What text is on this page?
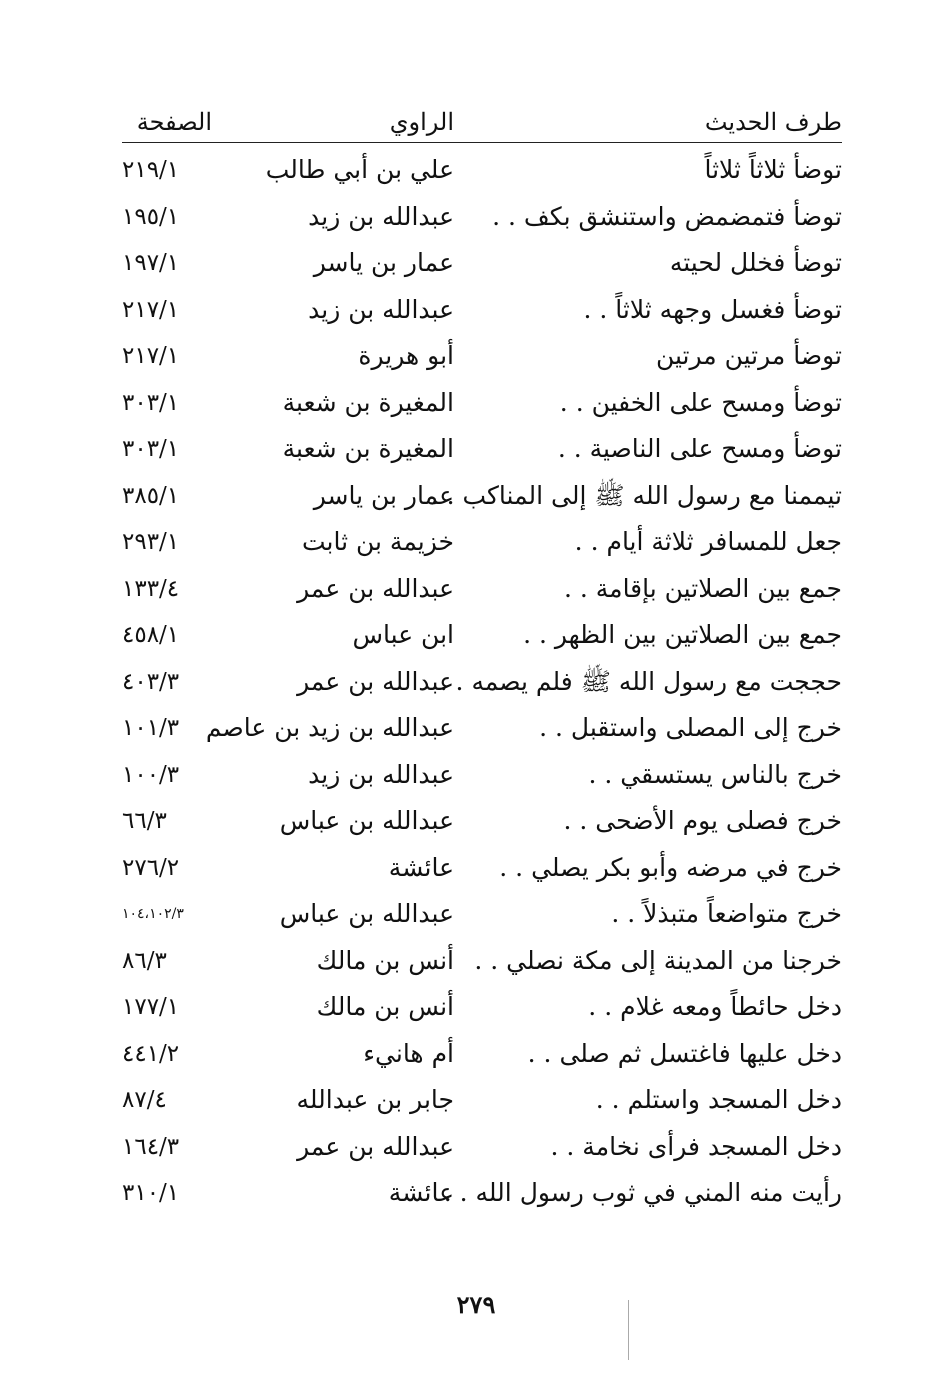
طرف الحديث
الراوي
الصفحة
توضأ ثلاثاً ثلاثاً
علي بن أبي طالب
٢١٩/١
توضأ فتمضمض واستنشق بكف . .
عبدالله بن زيد
١٩٥/١
توضأ فخلل لحيته
عمار بن ياسر
١٩٧/١
توضأ فغسل وجهه ثلاثاً . .
عبدالله بن زيد
٢١٧/١
توضأ مرتين مرتين
أبو هريرة
٢١٧/١
توضأ ومسح على الخفين . .
المغيرة بن شعبة
٣٠٣/١
توضأ ومسح على الناصية . .
المغيرة بن شعبة
٣٠٣/١
تيممنا مع رسول الله ﷺ إلى المناكب . .
عمار بن ياسر
٣٨٥/١
جعل للمسافر ثلاثة أيام . .
خزيمة بن ثابت
٢٩٣/١
جمع بين الصلاتين بإقامة . .
عبدالله بن عمر
١٣٣/٤
جمع بين الصلاتين بين الظهر . .
ابن عباس
٤٥٨/١
حججت مع رسول الله ﷺ فلم يصمه . .
عبدالله بن عمر
٤٠٣/٣
خرج إلى المصلى واستقبل . .
عبدالله بن زيد بن عاصم
١٠١/٣
خرج بالناس يستسقي . .
عبدالله بن زيد
١٠٠/٣
خرج فصلى يوم الأضحى . .
عبدالله بن عباس
٦٦/٣
خرج في مرضه وأبو بكر يصلي . .
عائشة
٢٧٦/٢
خرج متواضعاً متبذلاً . .
عبدالله بن عباس
١٠٤،١٠٢/٣
خرجنا من المدينة إلى مكة نصلي . .
أنس بن مالك
٨٦/٣
دخل حائطاً ومعه غلام . .
أنس بن مالك
١٧٧/١
دخل عليها فاغتسل ثم صلى . .
أم هانيء
٤٤١/٢
دخل المسجد واستلم . .
جابر بن عبدالله
٨٧/٤
دخل المسجد فرأى نخامة . .
عبدالله بن عمر
١٦٤/٣
رأيت منه المني في ثوب رسول الله . .
عائشة
٣١٠/١
٢٧٩
